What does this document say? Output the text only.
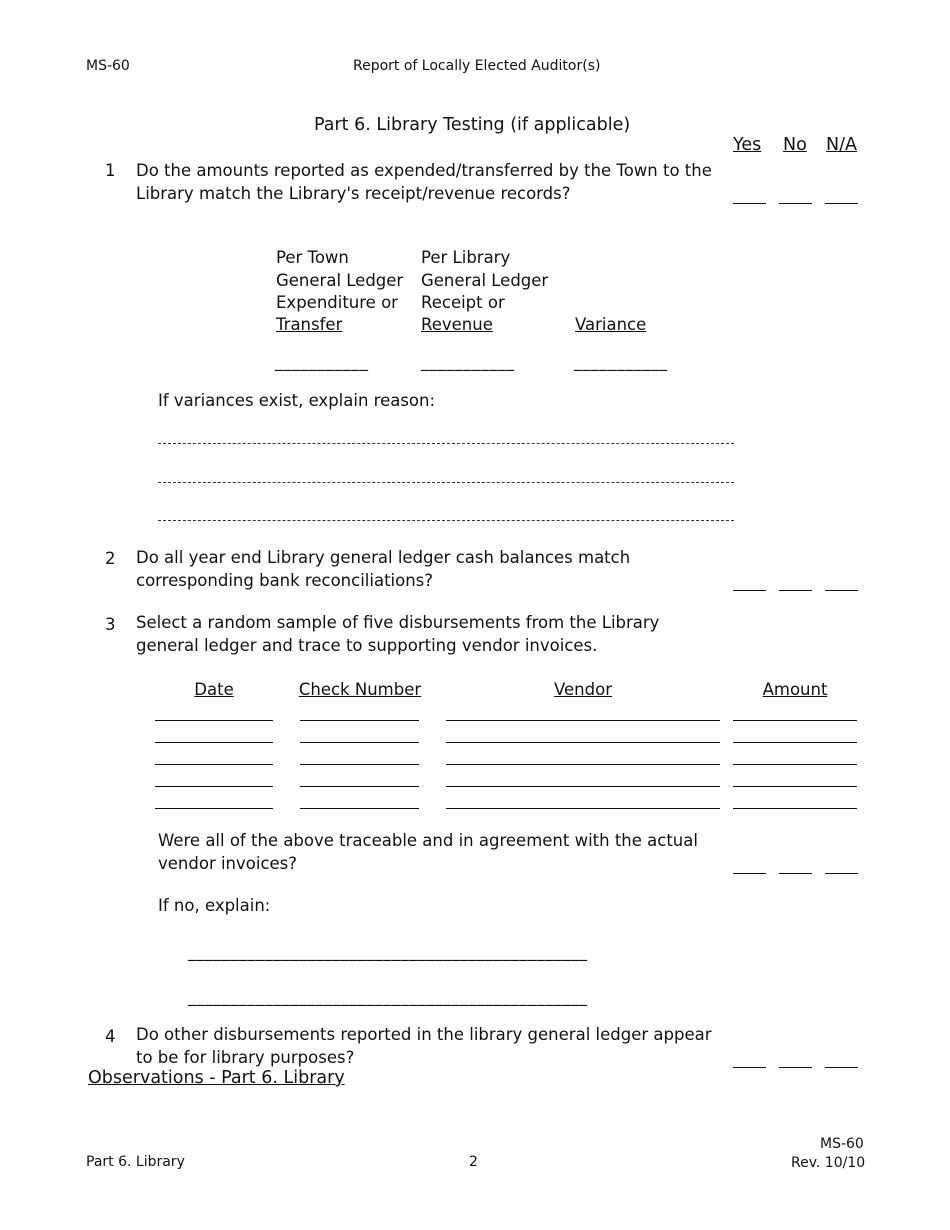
MS-60	Report of Locally Elected Auditor(s)
Part 6. Library Testing (if applicable)
Yes No N/A
1 Do the amounts reported as expended/transferred by the Town to the
Library match the Library's receipt/revenue records?
Per Town
General Ledger
Expenditure or
Transfer
Per Library
General Ledger
Receipt or
Revenue	Variance
___________	___________	___________
If variances exist, explain reason:
2 Do all year end Library general ledger cash balances match
corresponding bank reconciliations?
3 Select a random sample of five disbursements from the Library
general ledger and trace to supporting vendor invoices.
Date	Check Number	Vendor	Amount
Were all of the above traceable and in agreement with the actual
vendor invoices?
If no, explain:
_______________________________________________
_______________________________________________
4 Do other disbursements reported in the library general ledger appear
to be for library purposes?
Observations - Part 6. Library
Part 6. Library	2
MS-60
Rev. 10/10
